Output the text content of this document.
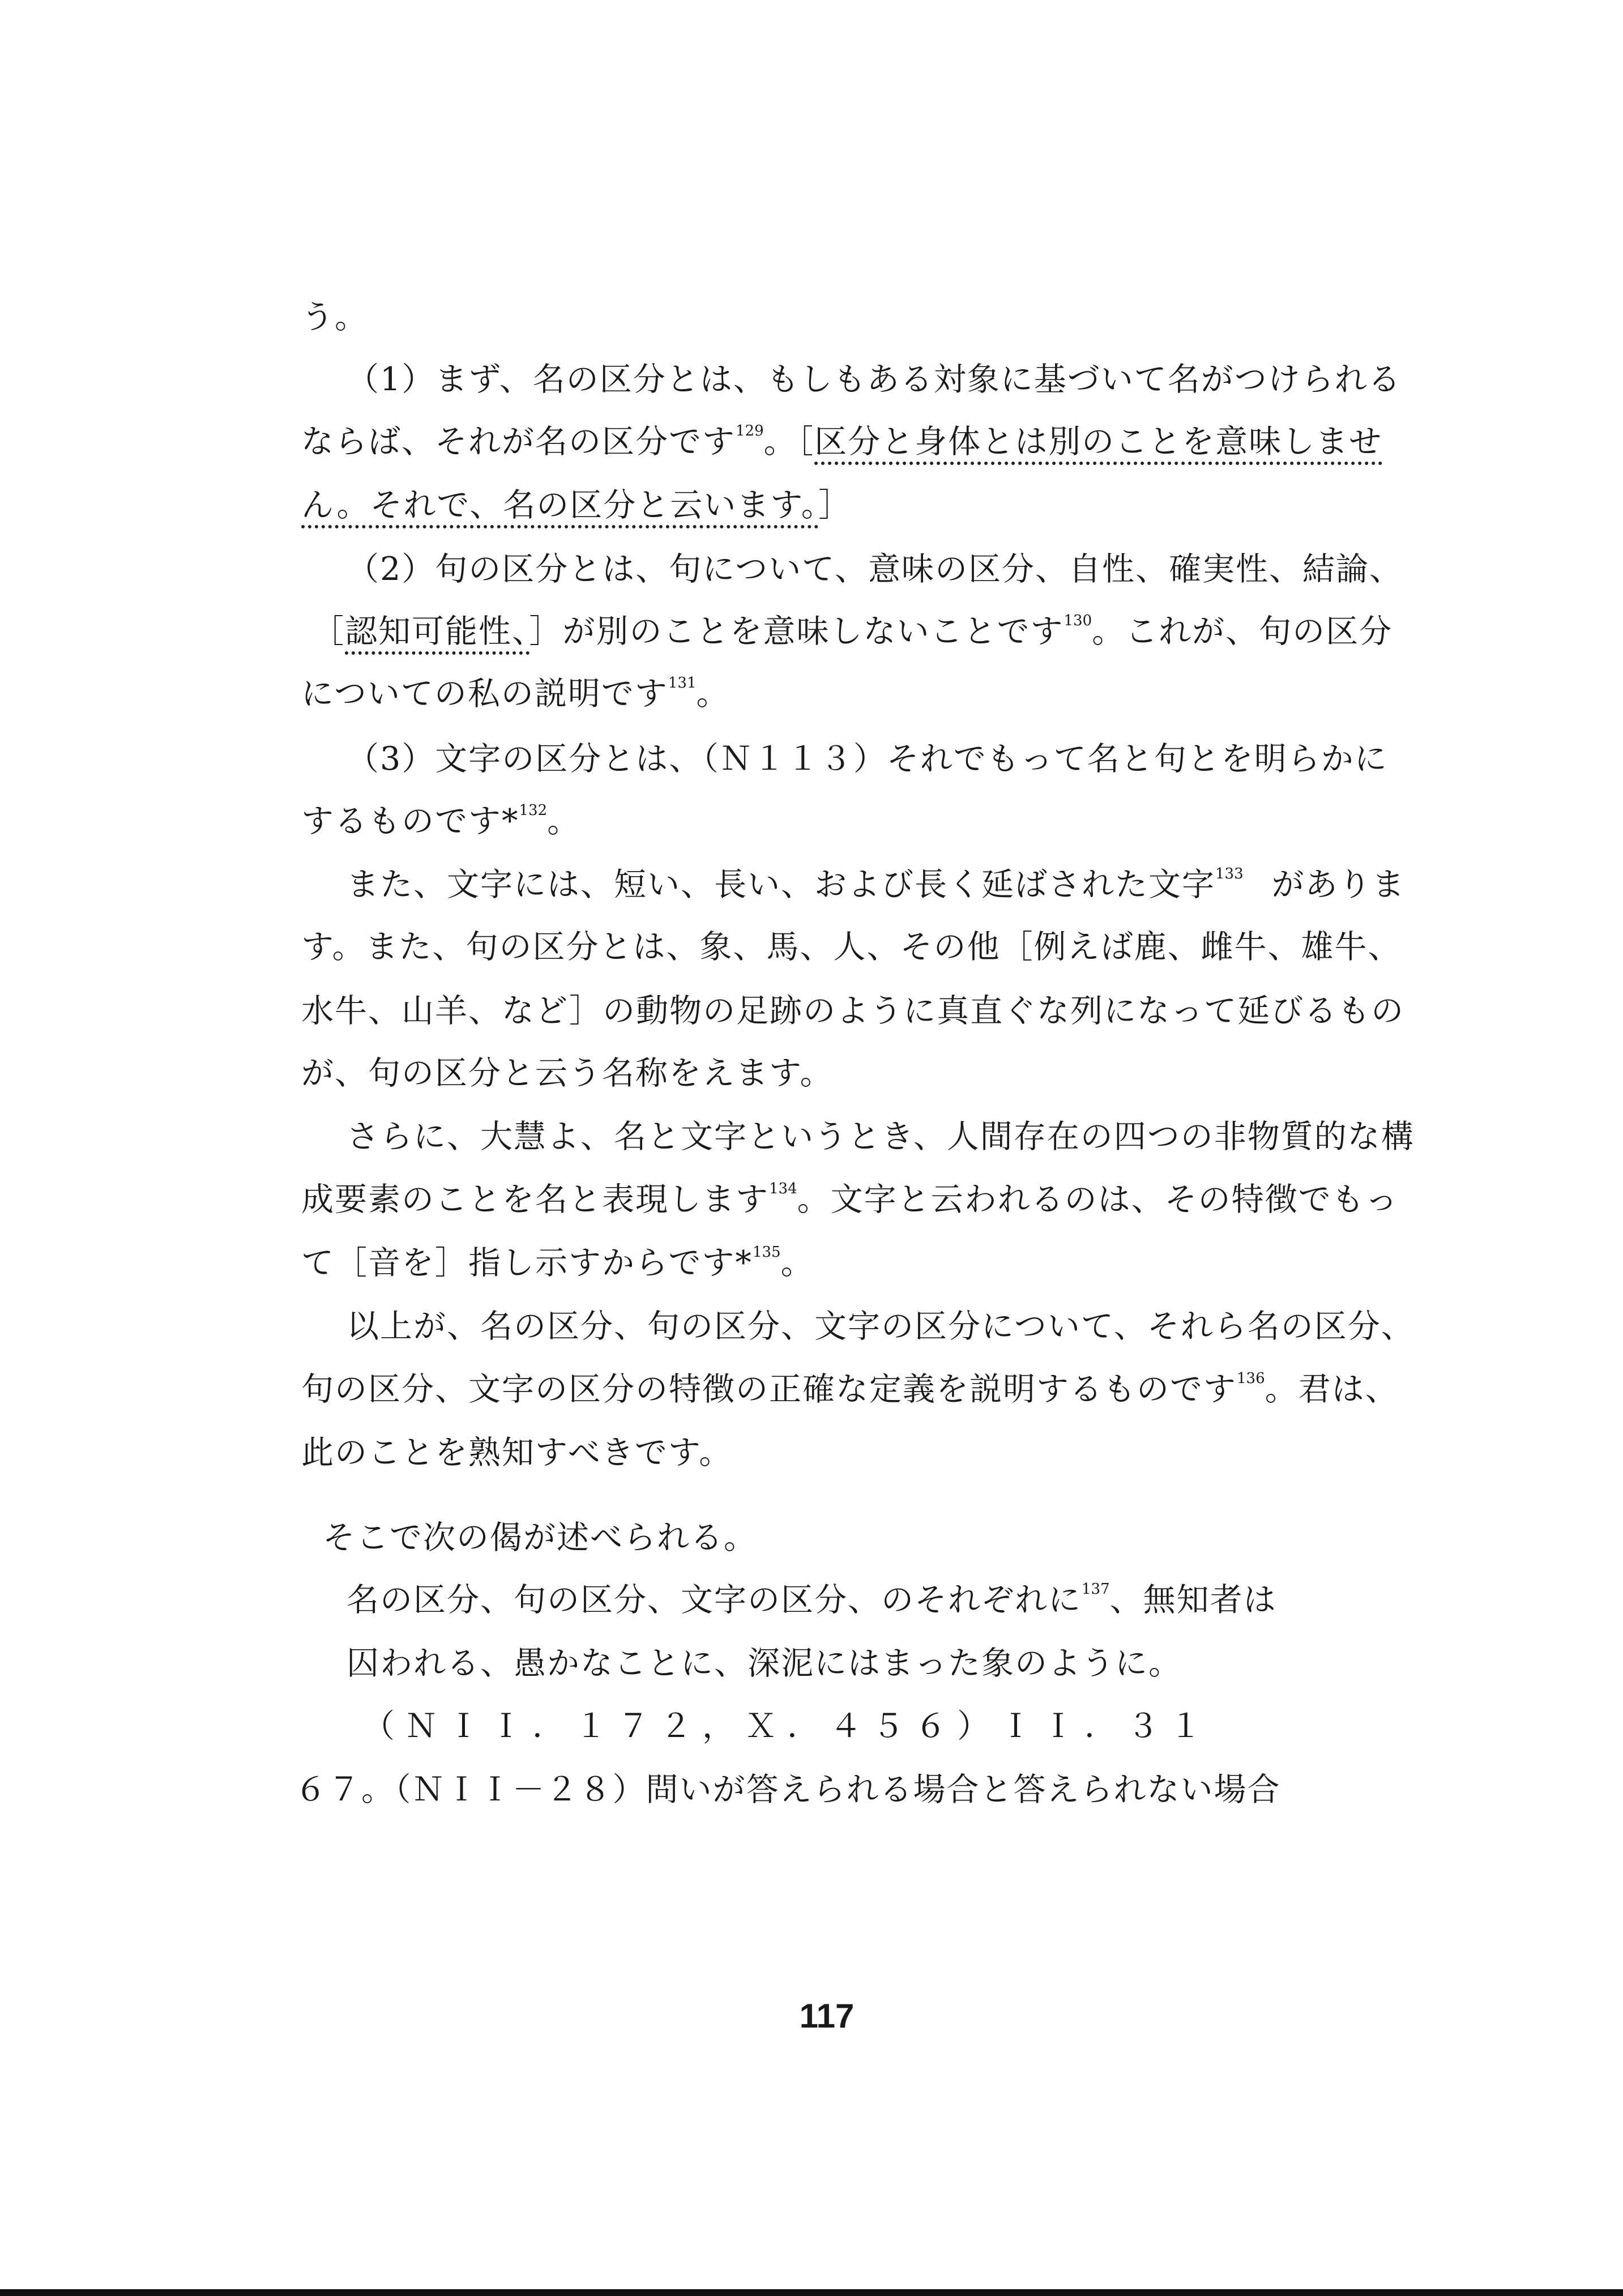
う。
（1）まず、名の区分とは、もしもある対象に基づいて名がつけられる
ならば、それが名の区分です$^{129}$。［区分と身体とは別のことを意味しませ
ん。それで、名の区分と云います。］
（2）句の区分とは、句について、意味の区分、自性、確実性、結論、
［認知可能性、］が別のことを意味しないことです$^{130}$。これが、句の区分
についての私の説明です$^{131}$。
（3）文字の区分とは、（Ｎ１１３）それでもって名と句とを明らかに
するものです*$^{132}$。
また、文字には、短い、長い、および長く延ばされた文字$^{133}$ がありま
す。また、句の区分とは、象、馬、人、その他［例えば鹿、雌牛、雄牛、
水牛、山羊、など］の動物の足跡のように真直ぐな列になって延びるもの
が、句の区分と云う名称をえます。
さらに、大慧よ、名と文字というとき、人間存在の四つの非物質的な構
成要素のことを名と表現します$^{134}$。文字と云われるのは、その特徴でもっ
て［音を］指し示すからです*$^{135}$。
以上が、名の区分、句の区分、文字の区分について、それら名の区分、
句の区分、文字の区分の特徴の正確な定義を説明するものです$^{136}$。君は、
此のことを熟知すべきです。
そこで次の偈が述べられる。
名の区分、句の区分、文字の区分、のそれぞれに$^{137}$、無知者は
囚われる、愚かなことに、深泥にはまった象のように。
（ＮＩＩ．１７２，Ｘ．４５６）ＩＩ．３１
６７。（ＮＩＩ－２８）問いが答えられる場合と答えられない場合
117
